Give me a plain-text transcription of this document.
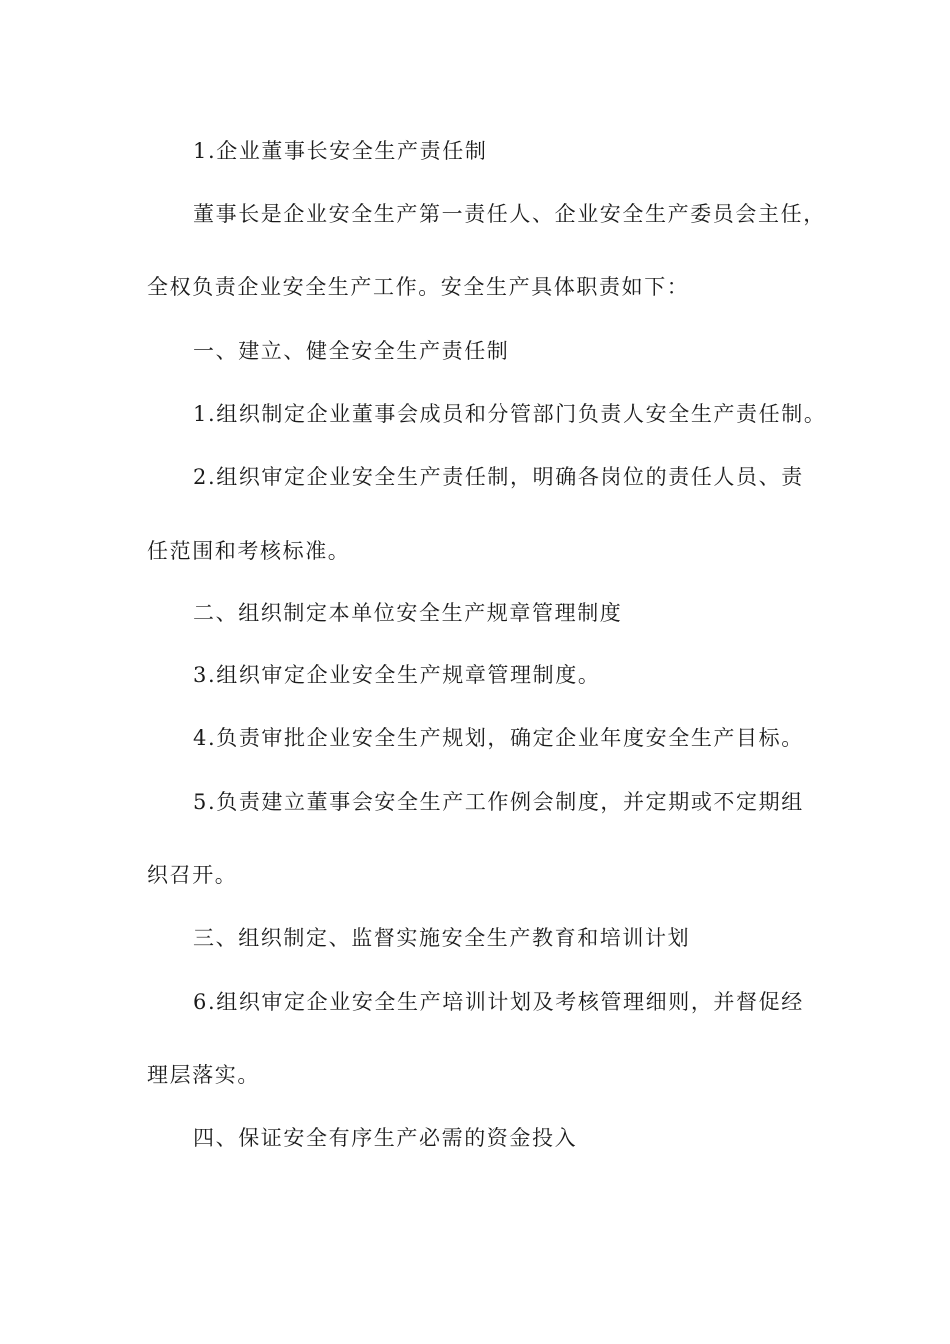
1.企业董事长安全生产责任制
董事长是企业安全生产第一责任人、企业安全生产委员会主任，
全权负责企业安全生产工作。安全生产具体职责如下：
一、建立、健全安全生产责任制
1.组织制定企业董事会成员和分管部门负责人安全生产责任制。
2.组织审定企业安全生产责任制，明确各岗位的责任人员、责
任范围和考核标准。
二、组织制定本单位安全生产规章管理制度
3.组织审定企业安全生产规章管理制度。
4.负责审批企业安全生产规划，确定企业年度安全生产目标。
5.负责建立董事会安全生产工作例会制度，并定期或不定期组
织召开。
三、组织制定、监督实施安全生产教育和培训计划
6.组织审定企业安全生产培训计划及考核管理细则，并督促经
理层落实。
四、保证安全有序生产必需的资金投入
